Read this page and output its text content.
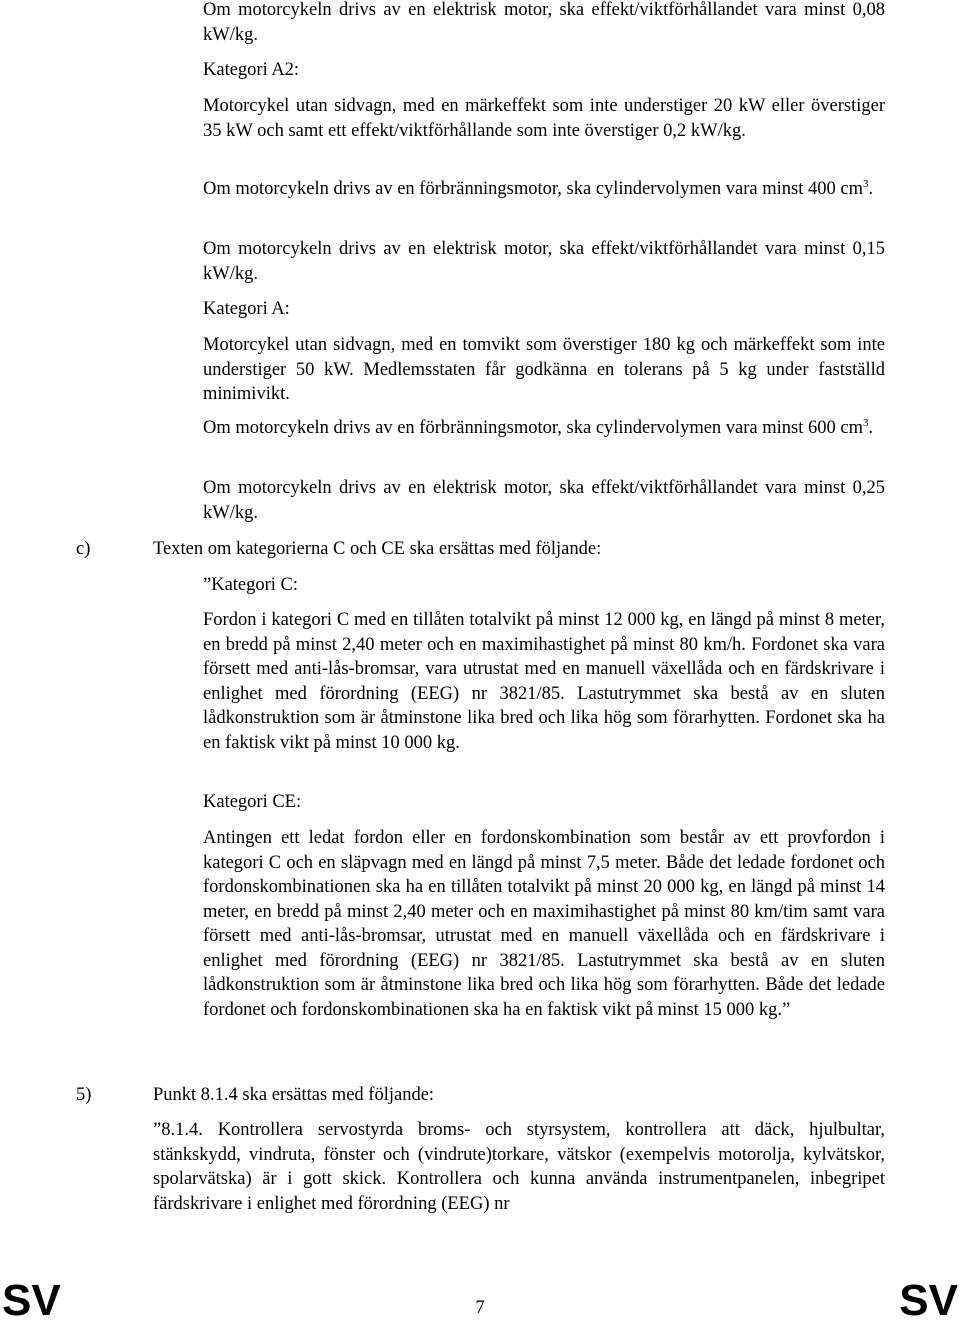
Om motorcykeln drivs av en elektrisk motor, ska effekt/viktförhållandet vara minst 0,08 kW/kg.

Kategori A2:

Motorcykel utan sidvagn, med en märkeffekt som inte understiger 20 kW eller överstiger 35 kW och samt ett effekt/viktförhållande som inte överstiger 0,2 kW/kg.

Om motorcykeln drivs av en förbränningsmotor, ska cylindervolymen vara minst 400 $cm^3$.

Om motorcykeln drivs av en elektrisk motor, ska effekt/viktförhållandet vara minst 0,15 kW/kg.

Kategori A:

Motorcykel utan sidvagn, med en tomvikt som överstiger 180 kg och märkeffekt som inte understiger 50 kW. Medlemsstaten får godkänna en tolerans på 5 kg under fastställd minimivikt.

Om motorcykeln drivs av en förbränningsmotor, ska cylindervolymen vara minst 600 $cm^3$.

Om motorcykeln drivs av en elektrisk motor, ska effekt/viktförhållandet vara minst 0,25 kW/kg.

c)	Texten om kategorierna C och CE ska ersättas med följande:

”Kategori C:

Fordon i kategori C med en tillåten totalvikt på minst 12 000 kg, en längd på minst 8 meter, en bredd på minst 2,40 meter och en maximihastighet på minst 80 km/h. Fordonet ska vara försett med anti-lås-bromsar, vara utrustat med en manuell växellåda och en färdskrivare i enlighet med förordning (EEG) nr 3821/85. Lastutrymmet ska bestå av en sluten lådkonstruktion som är åtminstone lika bred och lika hög som förarhytten. Fordonet ska ha en faktisk vikt på minst 10 000 kg.

Kategori CE:

Antingen ett ledat fordon eller en fordonskombination som består av ett provfordon i kategori C och en släpvagn med en längd på minst 7,5 meter. Både det ledade fordonet och fordonskombinationen ska ha en tillåten totalvikt på minst 20 000 kg, en längd på minst 14 meter, en bredd på minst 2,40 meter och en maximihastighet på minst 80 km/tim samt vara försett med anti-lås-bromsar, utrustat med en manuell växellåda och en färdskrivare i enlighet med förordning (EEG) nr 3821/85. Lastutrymmet ska bestå av en sluten lådkonstruktion som är åtminstone lika bred och lika hög som förarhytten. Både det ledade fordonet och fordonskombinationen ska ha en faktisk vikt på minst 15 000 kg.”

5)	Punkt 8.1.4 ska ersättas med följande:

”8.1.4. Kontrollera servostyrda broms- och styrsystem, kontrollera att däck, hjulbultar, stänkskydd, vindruta, fönster och (vindrute)torkare, vätskor (exempelvis motorolja, kylvätskor, spolarvätska) är i gott skick. Kontrollera och kunna använda instrumentpanelen, inbegripet färdskrivare i enlighet med förordning (EEG) nr

SV	7	SV
